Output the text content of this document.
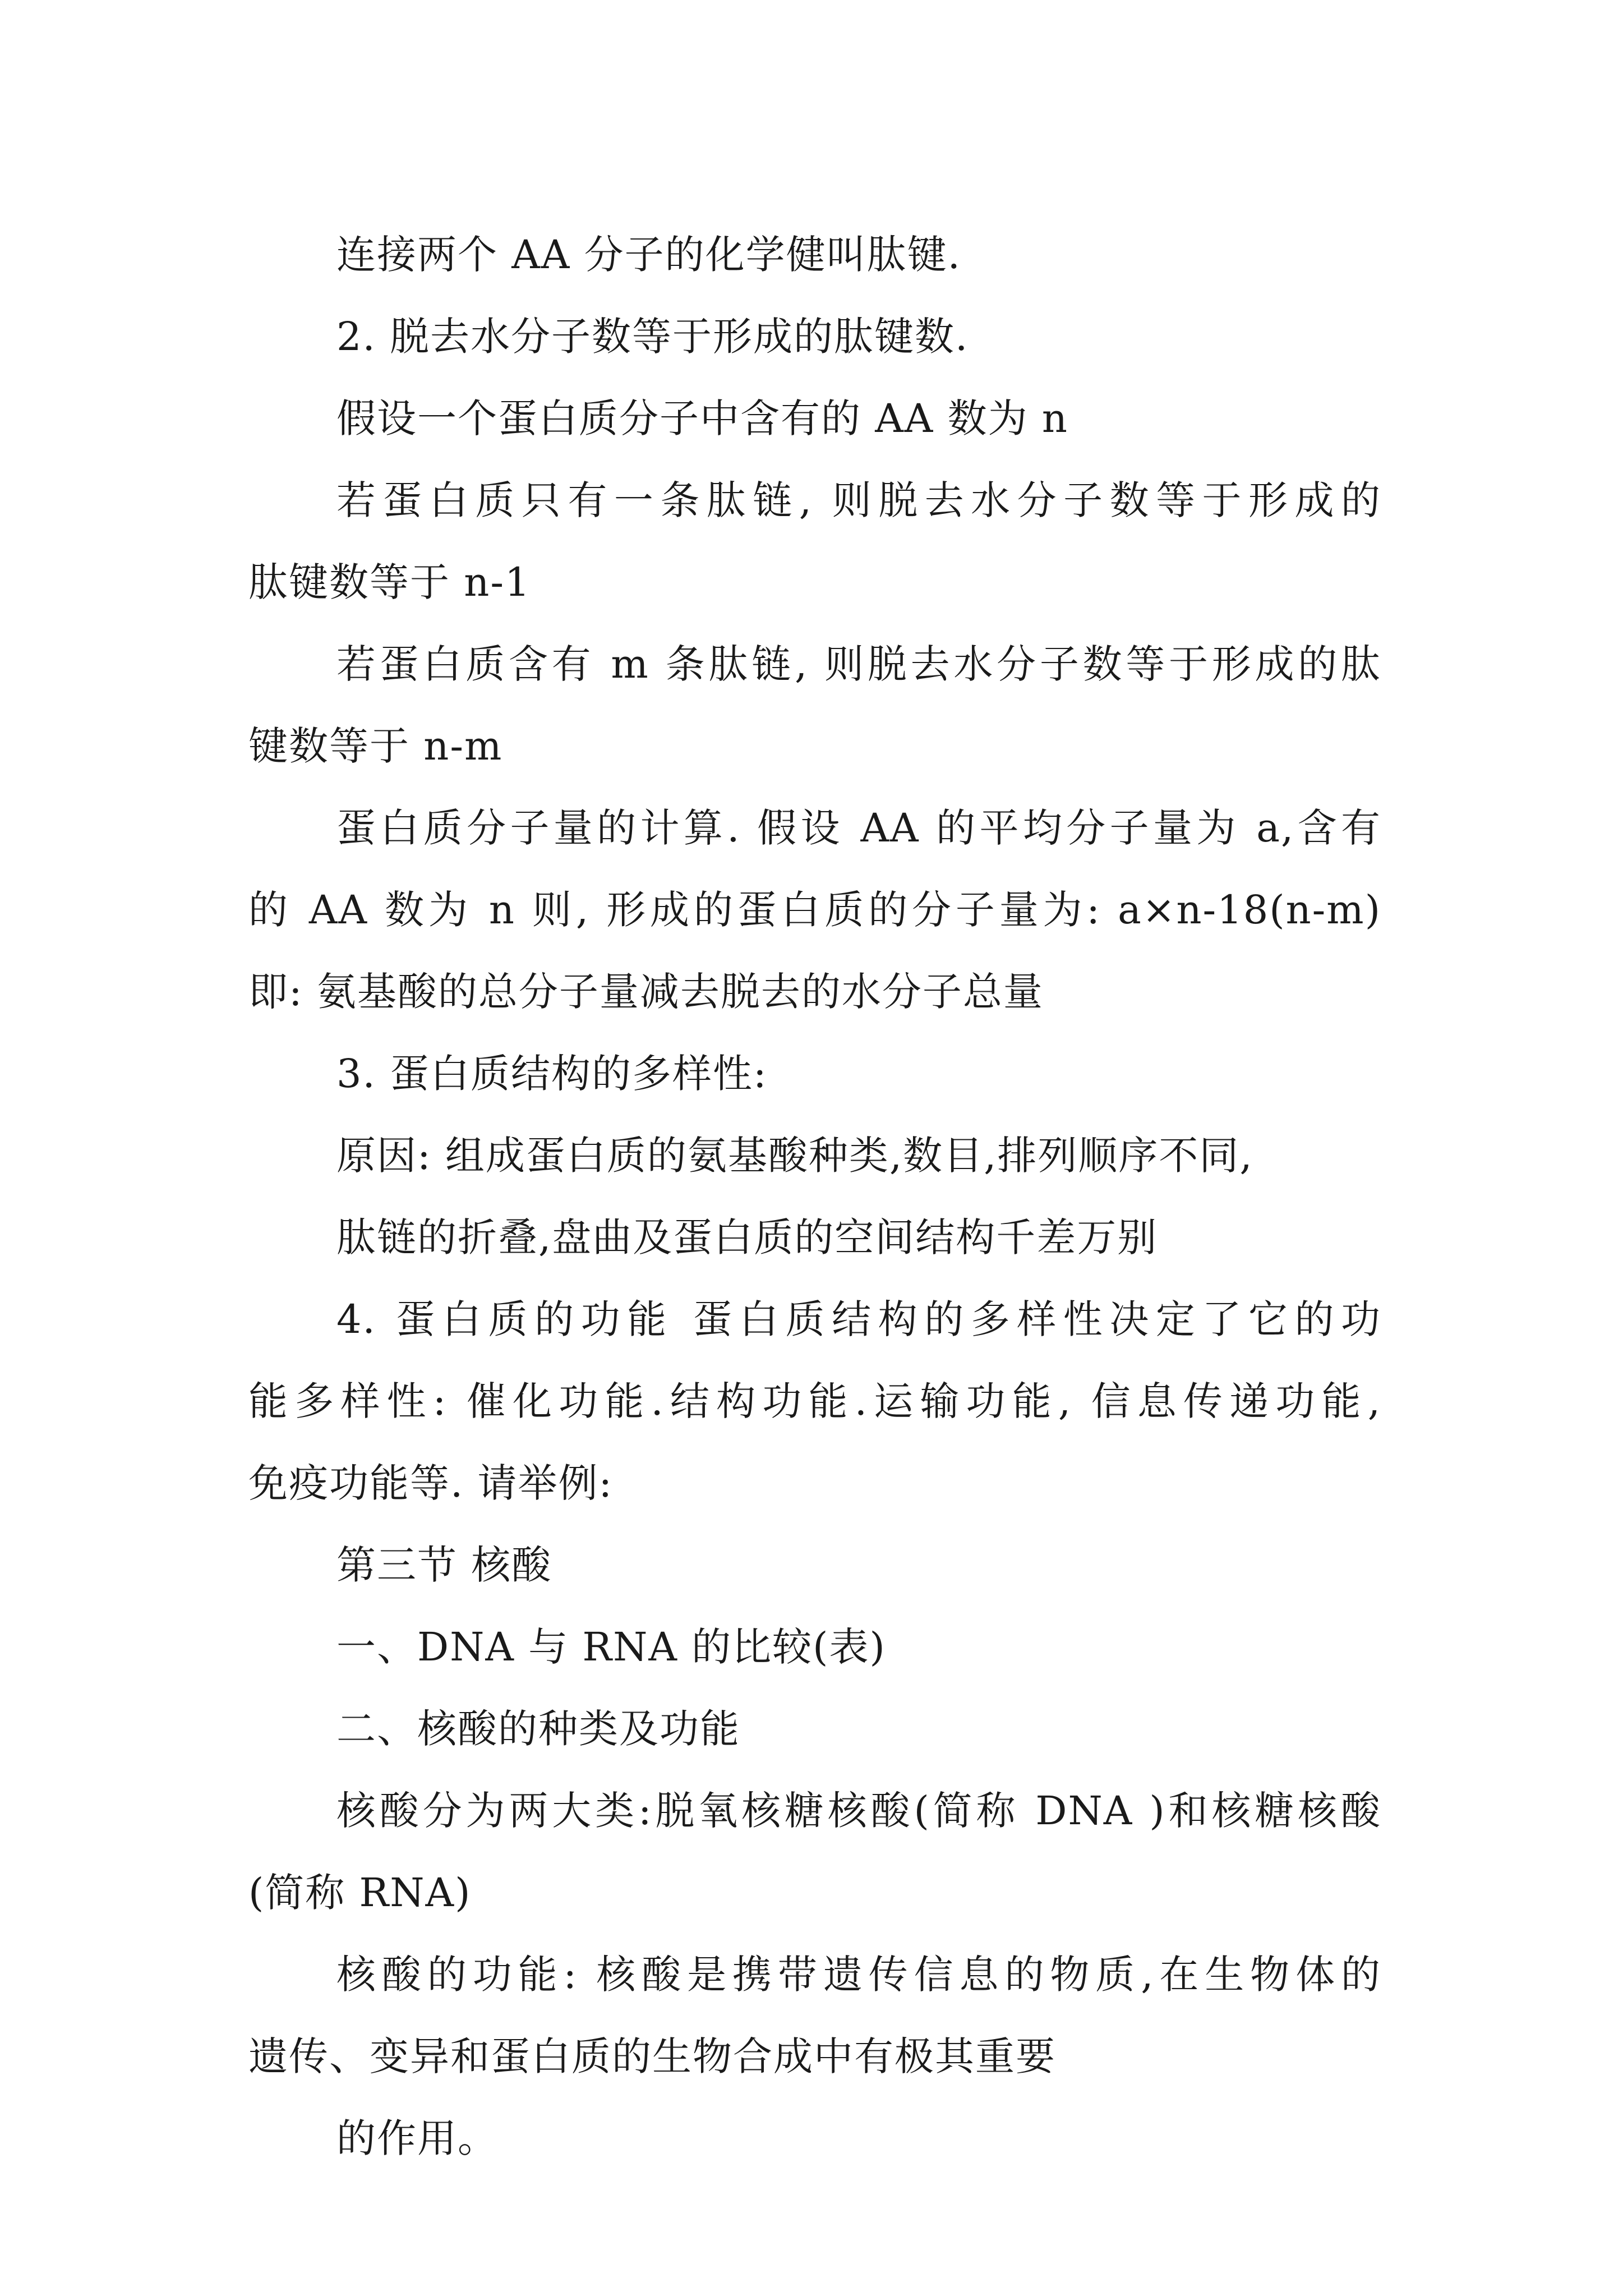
连接两个 AA 分子的化学健叫肽键.
2. 脱去水分子数等于形成的肽键数.
假设一个蛋白质分子中含有的 AA 数为 n
若蛋白质只有一条肽链, 则脱去水分子数等于形成的
肽键数等于 n-1
若蛋白质含有 m 条肽链, 则脱去水分子数等于形成的肽
键数等于 n-m
蛋白质分子量的计算. 假设 AA 的平均分子量为 a,含有
的 AA 数为 n 则, 形成的蛋白质的分子量为: a×n-18(n-m)
即: 氨基酸的总分子量减去脱去的水分子总量
3. 蛋白质结构的多样性:
原因: 组成蛋白质的氨基酸种类,数目,排列顺序不同,
肽链的折叠,盘曲及蛋白质的空间结构千差万别
4. 蛋白质的功能 蛋白质结构的多样性决定了它的功
能多样性: 催化功能.结构功能.运输功能, 信息传递功能,
免疫功能等. 请举例:
第三节 核酸
一、DNA 与 RNA 的比较(表)
二、核酸的种类及功能
核酸分为两大类:脱氧核糖核酸(简称 DNA )和核糖核酸
(简称 RNA)
核酸的功能: 核酸是携带遗传信息的物质,在生物体的
遗传、变异和蛋白质的生物合成中有极其重要
的作用。
